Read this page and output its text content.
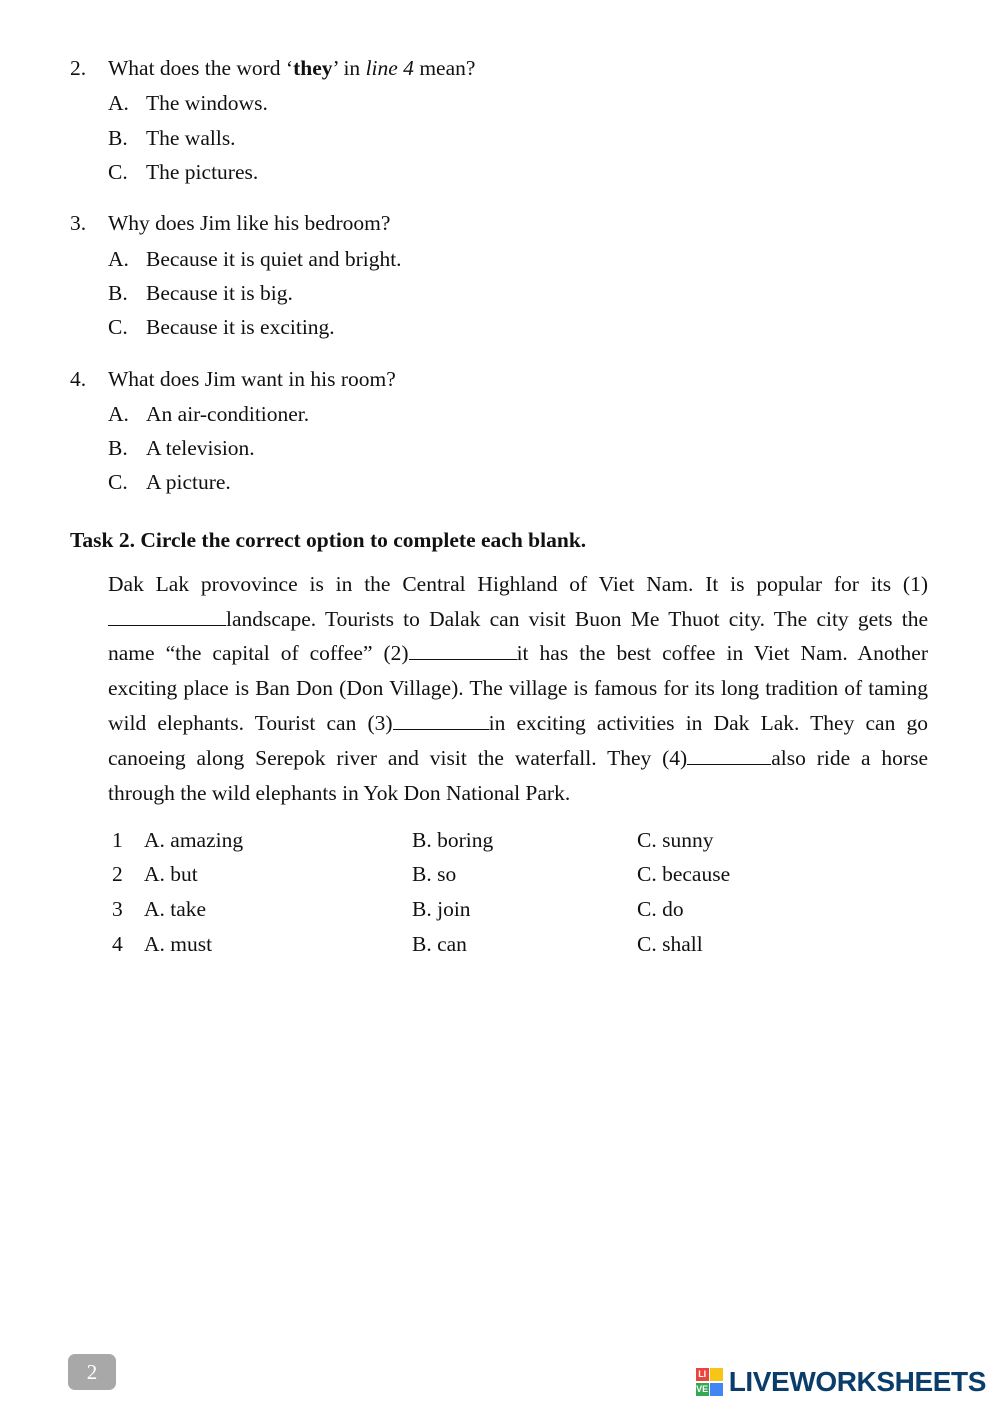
2.	What does the word ‘they’ in line 4 mean?
A. The windows.
B. The walls.
C. The pictures.
3.	Why does Jim like his bedroom?
A. Because it is quiet and bright.
B. Because it is big.
C. Because it is exciting.
4.	What does Jim want in his room?
A. An air-conditioner.
B. A television.
C. A picture.
Task 2. Circle the correct option to complete each blank.
Dak Lak provovince is in the Central Highland of Viet Nam. It is popular for its (1)landscape. Tourists to Dalak can visit Buon Me Thuot city. The city gets the name “the capital of coffee” (2)	it has the best coffee in Viet Nam. Another exciting place is Ban Don (Don Village). The village is famous for its long tradition of taming wild elephants. Tourist can (3)	in exciting activities in Dak Lak. They can go canoeing along Serepok river and visit the waterfall. They (4)	also ride a horse through the wild elephants in Yok Don National Park.
1 A. amazing	B. boring	C. sunny
2 A. but	B. so	C. because
3 A. take	B. join	C. do
4 A. must	B. can	C. shall
2	LI
VE LIVEWORKSHEETS
